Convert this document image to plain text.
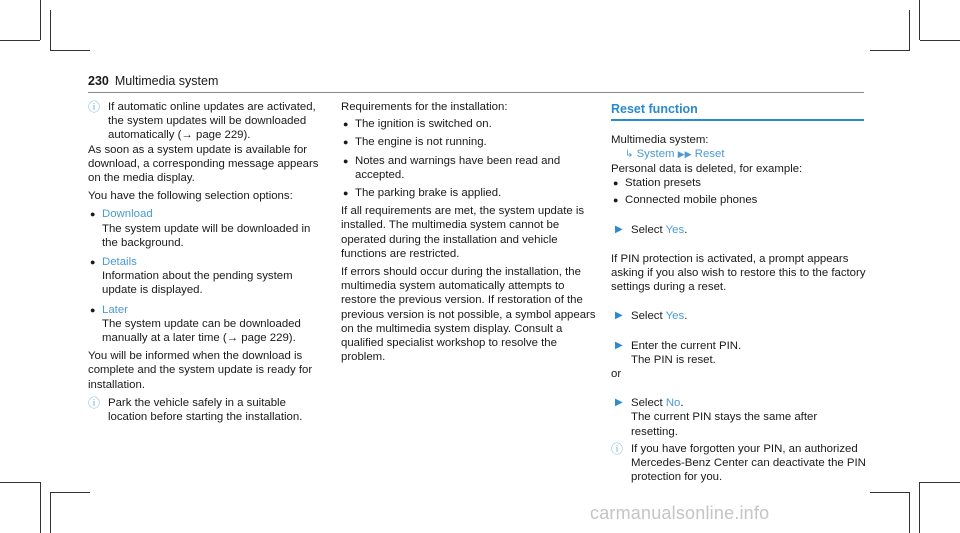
230 Multimedia system

ⓘ If automatic online updates are activated, the system updates will be downloaded automatically (→ page 229).

As soon as a system update is available for download, a corresponding message appears on the media display.

You have the following selection options:

● Download

The system update will be downloaded in the background.

● Details

Information about the pending system update is displayed.

● Later

The system update can be downloaded manually at a later time (→ page 229).

You will be informed when the download is complete and the system update is ready for installation.

ⓘ Park the vehicle safely in a suitable location before starting the installation.

Requirements for the installation:

● The ignition is switched on.

● The engine is not running.

● Notes and warnings have been read and accepted.

● The parking brake is applied.

If all requirements are met, the system update is installed. The multimedia system cannot be operated during the installation and vehicle functions are restricted.

If errors should occur during the installation, the multimedia system automatically attempts to restore the previous version. If restoration of the previous version is not possible, a symbol appears on the multimedia system display. Consult a qualified specialist workshop to resolve the problem.

Reset function

Multimedia system:

↳ System ▶▶ Reset

Personal data is deleted, for example:

● Station presets

● Connected mobile phones

▶ Select Yes.

If PIN protection is activated, a prompt appears asking if you also wish to restore this to the factory settings during a reset.

▶ Select Yes.

▶ Enter the current PIN.

The PIN is reset.

or

▶ Select No.

The current PIN stays the same after resetting.

ⓘ If you have forgotten your PIN, an authorized Mercedes-Benz Center can deactivate the PIN protection for you.

carmanualsonline.info
